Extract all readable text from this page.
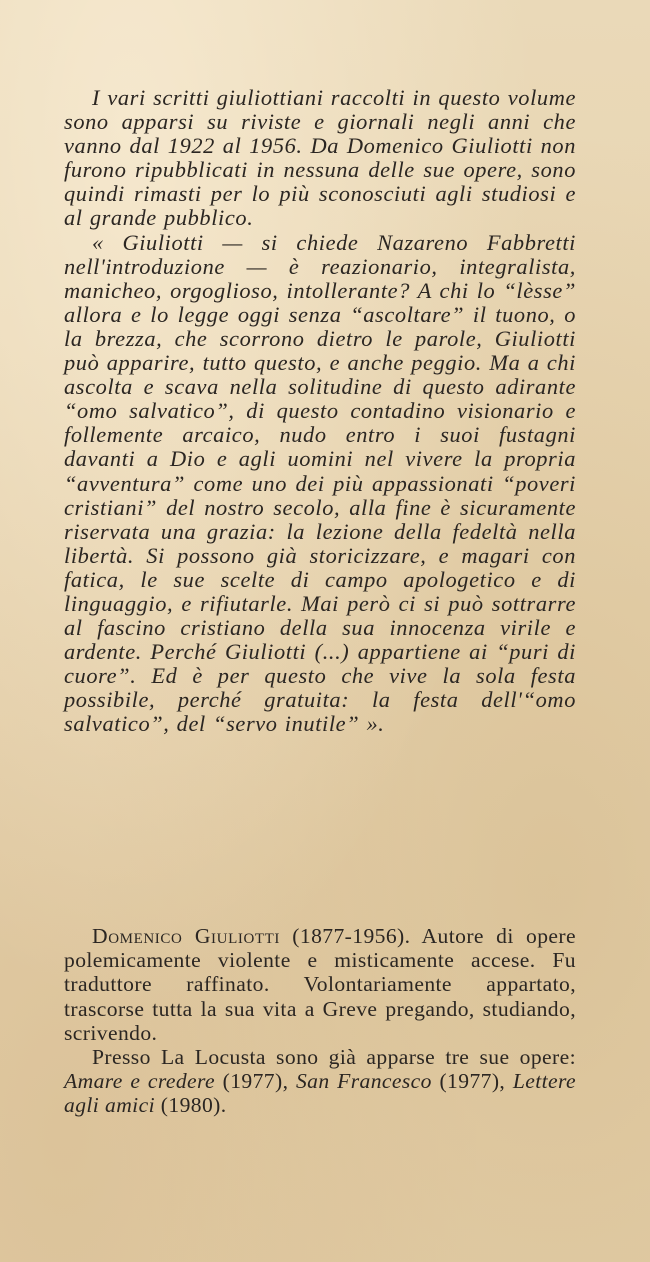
I vari scritti giuliottiani raccolti in questo volume sono apparsi su riviste e giornali negli anni che vanno dal 1922 al 1956. Da Domenico Giuliotti non furono ripubblicati in nessuna delle sue opere, sono quindi rimasti per lo più sconosciuti agli studiosi e al grande pubblico.

« Giuliotti — si chiede Nazareno Fabbretti nell'introduzione — è reazionario, integralista, manicheo, orgoglioso, intollerante? A chi lo “lèsse” allora e lo legge oggi senza “ascoltare” il tuono, o la brezza, che scorrono dietro le parole, Giuliotti può apparire, tutto questo, e anche peggio. Ma a chi ascolta e scava nella solitudine di questo adirante “omo salvatico”, di questo contadino visionario e follemente arcaico, nudo entro i suoi fustagni davanti a Dio e agli uomini nel vivere la propria “avventura” come uno dei più appassionati “poveri cristiani” del nostro secolo, alla fine è sicuramente riservata una grazia: la lezione della fedeltà nella libertà. Si possono già storicizzare, e magari con fatica, le sue scelte di campo apologetico e di linguaggio, e rifiutarle. Mai però ci si può sottrarre al fascino cristiano della sua innocenza virile e ardente. Perché Giuliotti (...) appartiene ai “puri di cuore”. Ed è per questo che vive la sola festa possibile, perché gratuita: la festa dell'“omo salvatico”, del “servo inutile” ».

Domenico Giuliotti (1877-1956). Autore di opere polemicamente violente e misticamente accese. Fu traduttore raffinato. Volontariamente appartato, trascorse tutta la sua vita a Greve pregando, studiando, scrivendo.

Presso La Locusta sono già apparse tre sue opere: Amare e credere (1977), San Francesco (1977), Lettere agli amici (1980).
